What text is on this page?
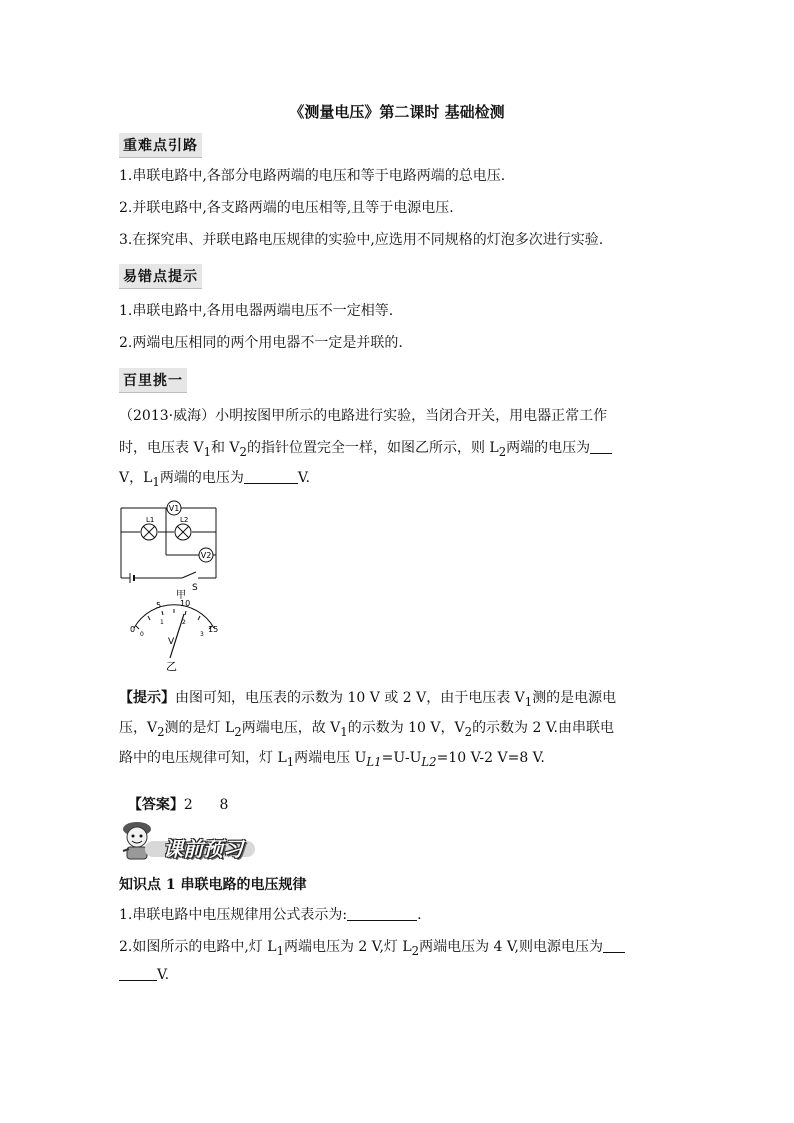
《测量电压》第二课时 基础检测
重难点引路
1.串联电路中,各部分电路两端的电压和等于电路两端的总电压.
2.并联电路中,各支路两端的电压相等,且等于电源电压.
3.在探究串、并联电路电压规律的实验中,应选用不同规格的灯泡多次进行实验.
易错点提示
1.串联电路中,各用电器两端电压不一定相等.
2.两端电压相同的两个用电器不一定是并联的.
百里挑一
（2013·威海）小明按图甲所示的电路进行实验，当闭合开关，用电器正常工作
时，电压表 $V_1$和 $V_2$的指针位置完全一样，如图乙所示，则 $L_2$两端的电压为
V，$L_1$两端的电压为	V.
V1
V2
L1	L2
S
甲
0
5 10
15
0
1	2
3
V
乙
【提示】由图可知，电压表的示数为 10 V 或 2 V，由于电压表 $V_1$测的是电源电
压，$V_2$测的是灯 $L_2$两端电压，故 $V_1$的示数为 10 V，$V_2$的示数为 2 V.由串联电
路中的电压规律可知，灯 $L_1$两端电压 $U_{L1}=U-U_{L2}=10$ V-2 V=8 V.

【答案】2      8

课前预习
知识点 1 串联电路的电压规律
1.串联电路中电压规律用公式表示为:	.
2.如图所示的电路中,灯 $L_1$两端电压为 2 V,灯 $L_2$两端电压为 4 V,则电源电压为
V.
